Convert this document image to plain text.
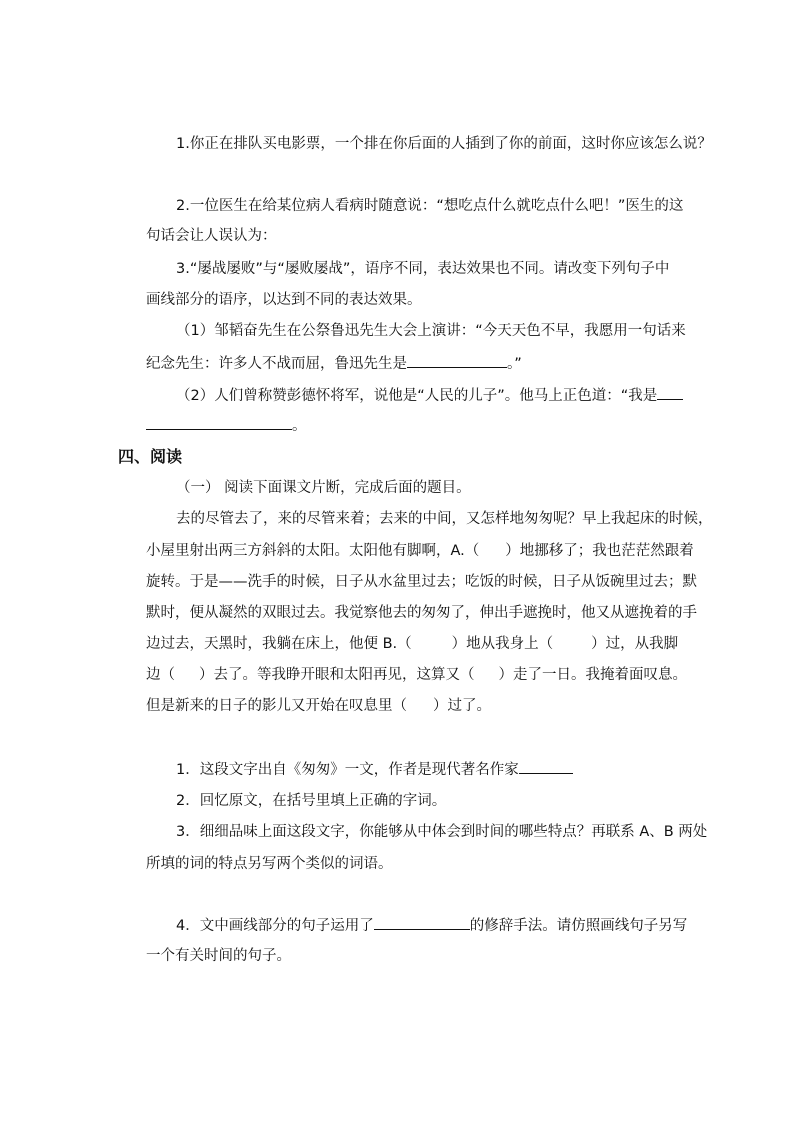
1.你正在排队买电影票，一个排在你后面的人插到了你的前面，这时你应该怎么说？
2.一位医生在给某位病人看病时随意说：“想吃点什么就吃点什么吧！”医生的这
句话会让人误认为：
3.“屡战屡败”与“屡败屡战”，语序不同，表达效果也不同。请改变下列句子中
画线部分的语序，以达到不同的表达效果。
（1）邹韬奋先生在公祭鲁迅先生大会上演讲：“今天天色不早，我愿用一句话来
纪念先生：许多人不战而屈，鲁迅先生是	。”
（2）人们曾称赞彭德怀将军，说他是“人民的儿子”。他马上正色道：“我是
。
四、阅读
（一） 阅读下面课文片断，完成后面的题目。
去的尽管去了，来的尽管来着；去来的中间，又怎样地匆匆呢？早上我起床的时候，
小屋里射出两三方斜斜的太阳。太阳他有脚啊，A.（ ）地挪移了；我也茫茫然跟着
旋转。于是——洗手的时候，日子从水盆里过去；吃饭的时候，日子从饭碗里过去；默
默时，便从凝然的双眼过去。我觉察他去的匆匆了，伸出手遮挽时，他又从遮挽着的手
边过去，天黑时，我躺在床上，他便 B.（	）地从我身上（	）过，从我脚
边（ ）去了。等我睁开眼和太阳再见，这算又（ ）走了一日。我掩着面叹息。
但是新来的日子的影儿又开始在叹息里（ ）过了。
1．这段文字出自《匆匆》一文，作者是现代著名作家
2．回忆原文，在括号里填上正确的字词。
3．细细品味上面这段文字，你能够从中体会到时间的哪些特点？再联系 A、B 两处
所填的词的特点另写两个类似的词语。
4．文中画线部分的句子运用了	的修辞手法。请仿照画线句子另写
一个有关时间的句子。
